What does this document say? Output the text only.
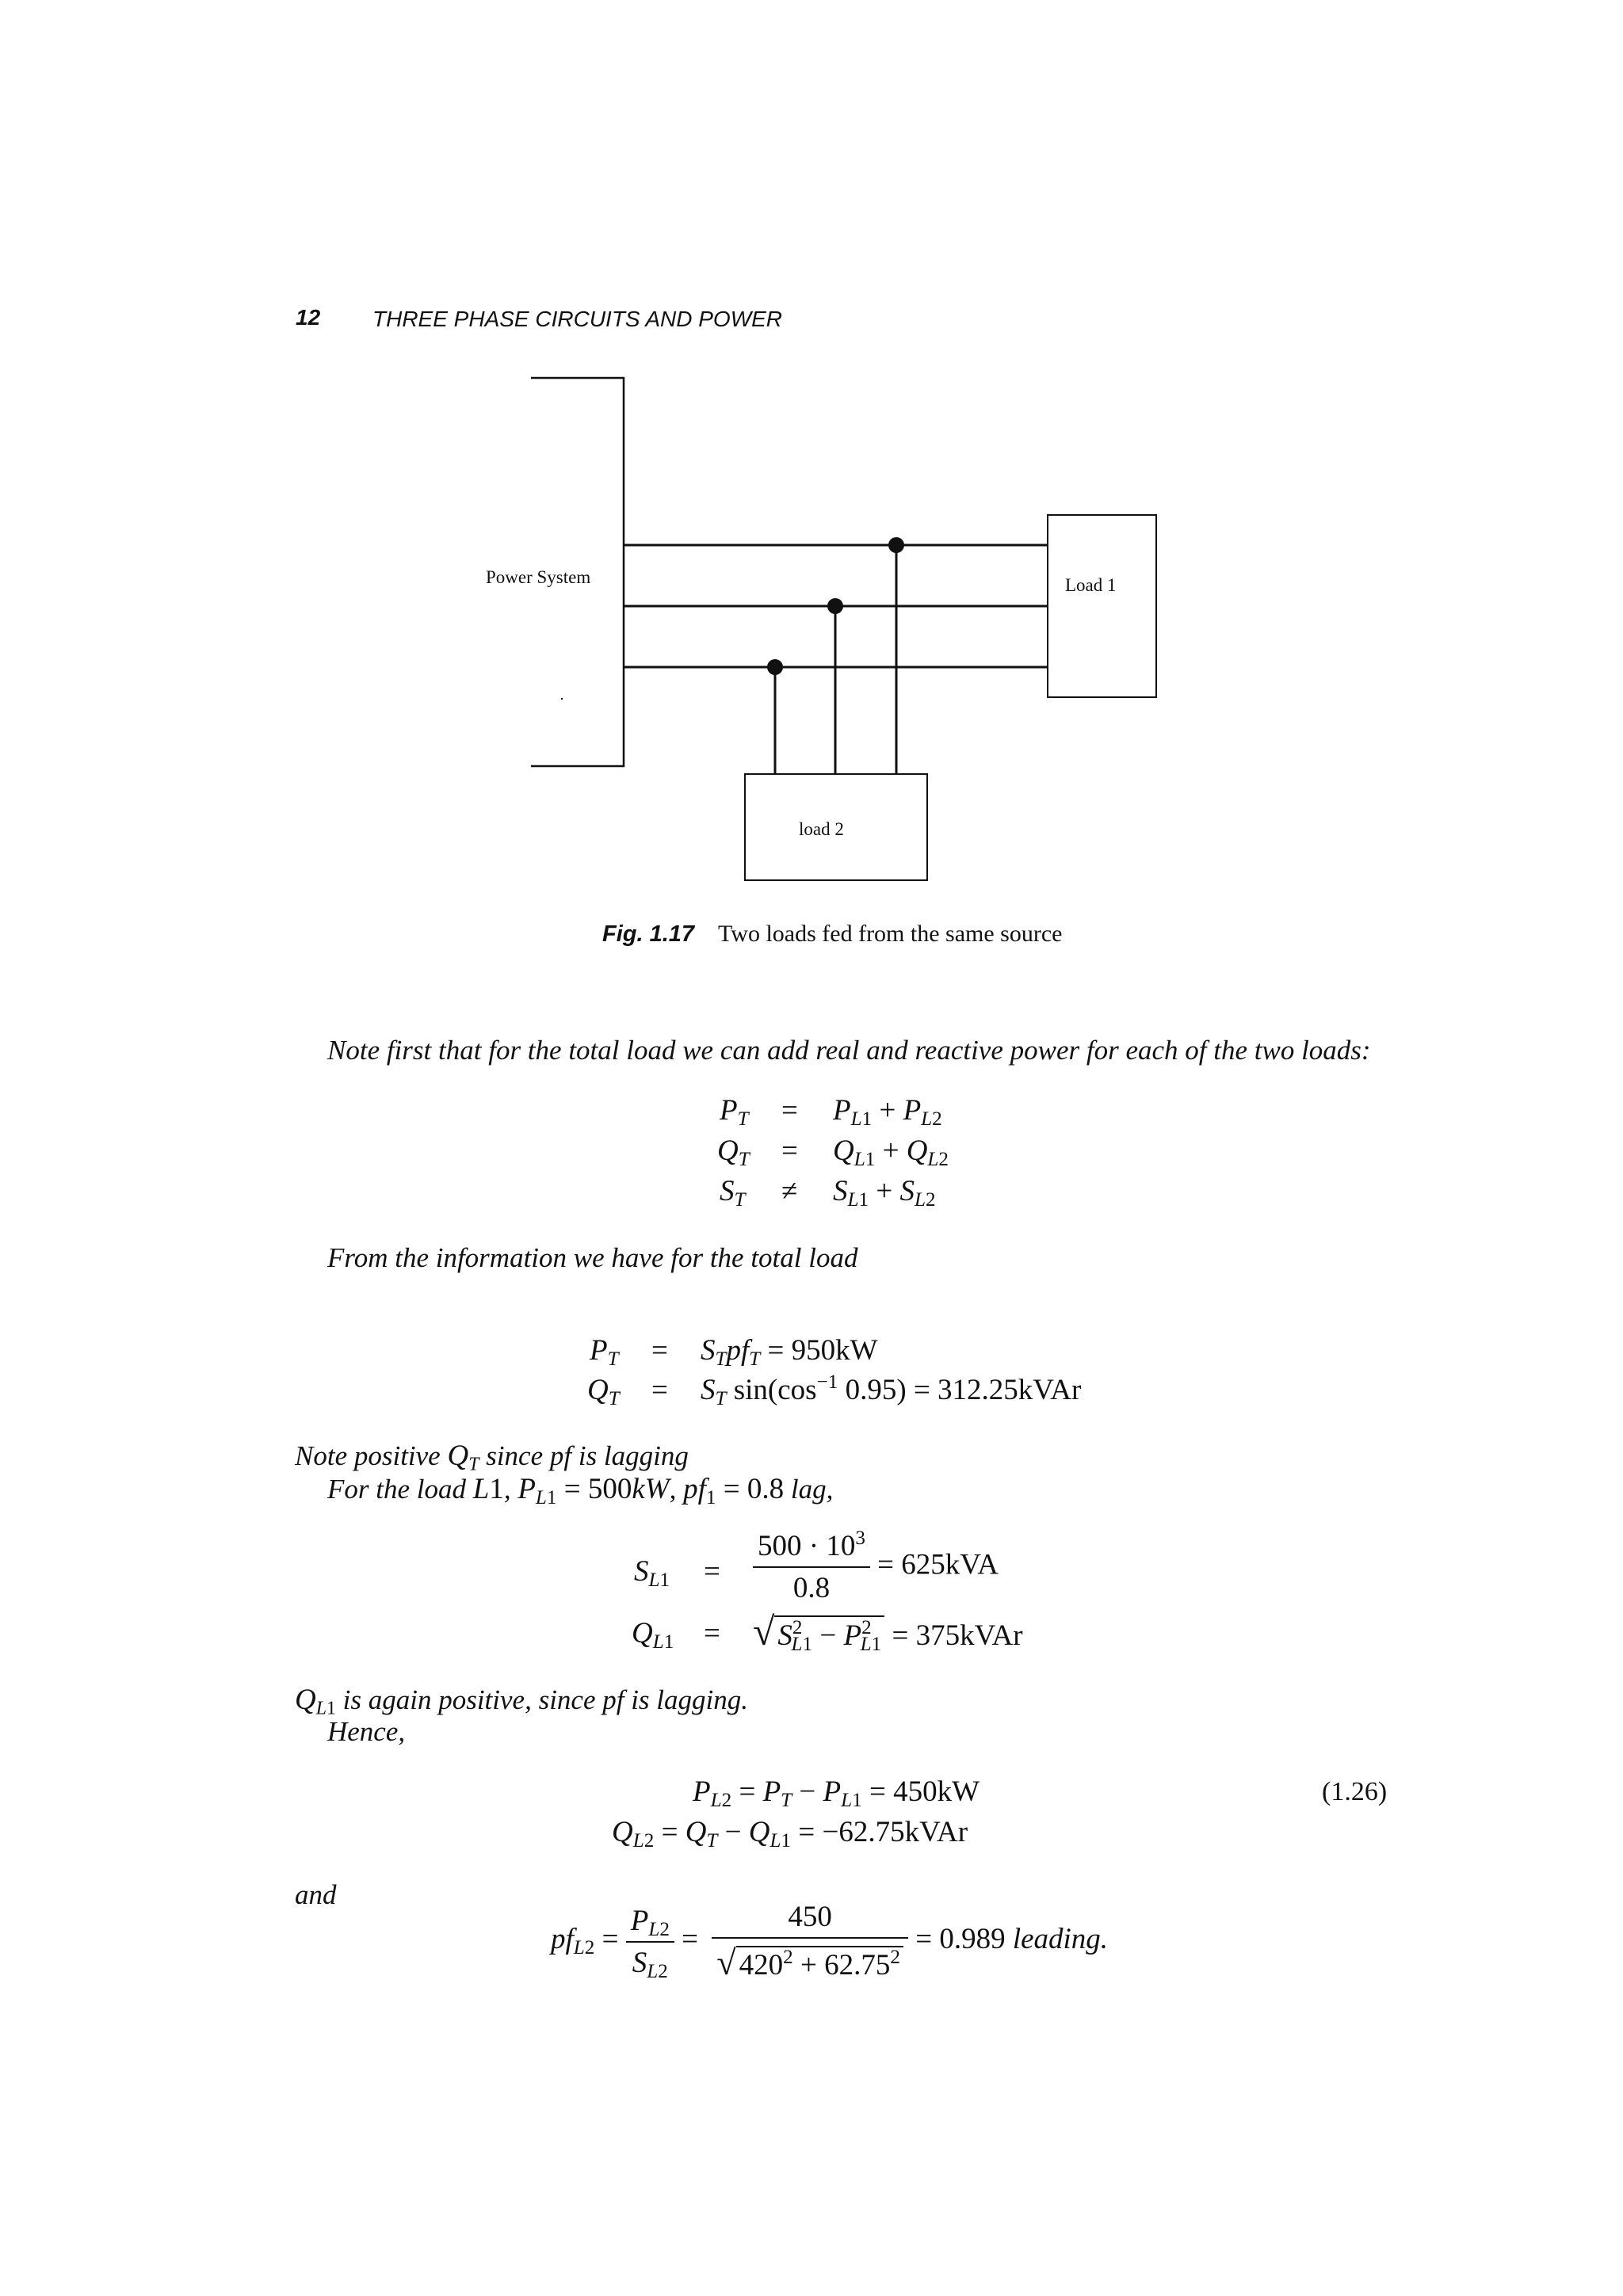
12 THREE PHASE CIRCUITS AND POWER
Power System	Load 1
load 2
Fig. 1.17 Two loads fed from the same source
Note first that for the total load we can add real and reactive power for each of the two loads:
$P_T = P_{L1} + P_{L2}$
$Q_T = Q_{L1} + Q_{L2}$
$S_T \ne S_{L1} + S_{L2}$
From the information we have for the total load
$P_T = S_Tpf_T = 950kW$
$Q_T = S_T$ $\sin(\cos^{-1}$ 0.95) = 312.25kVAr
Note positive $Q_T$ since pf is lagging
For the load L1, $P_{L1} = 500kW$, $pf_1 = 0.8$ lag,
$S_{L1} = \frac{500 \cdot 10^3}{0.8} = 625kVA$
$Q_{L1}$ = √ $S^2_{L1} - P^2_{L1}$ = 375kVAr
$Q_{L1}$ is again positive, since pf is lagging.
Hence,
$P_{L2} = P_T - P_{L1} = 450kW$
$Q_{L2} = Q_T - Q_{L1}$ = −62.75kVAr
(1.26)
and
$pf_{L2} = \frac{P_{L2}}{S_{L2}} = \frac{450}{√ 420^2 + 62.75^2} = 0.989$ leading.
